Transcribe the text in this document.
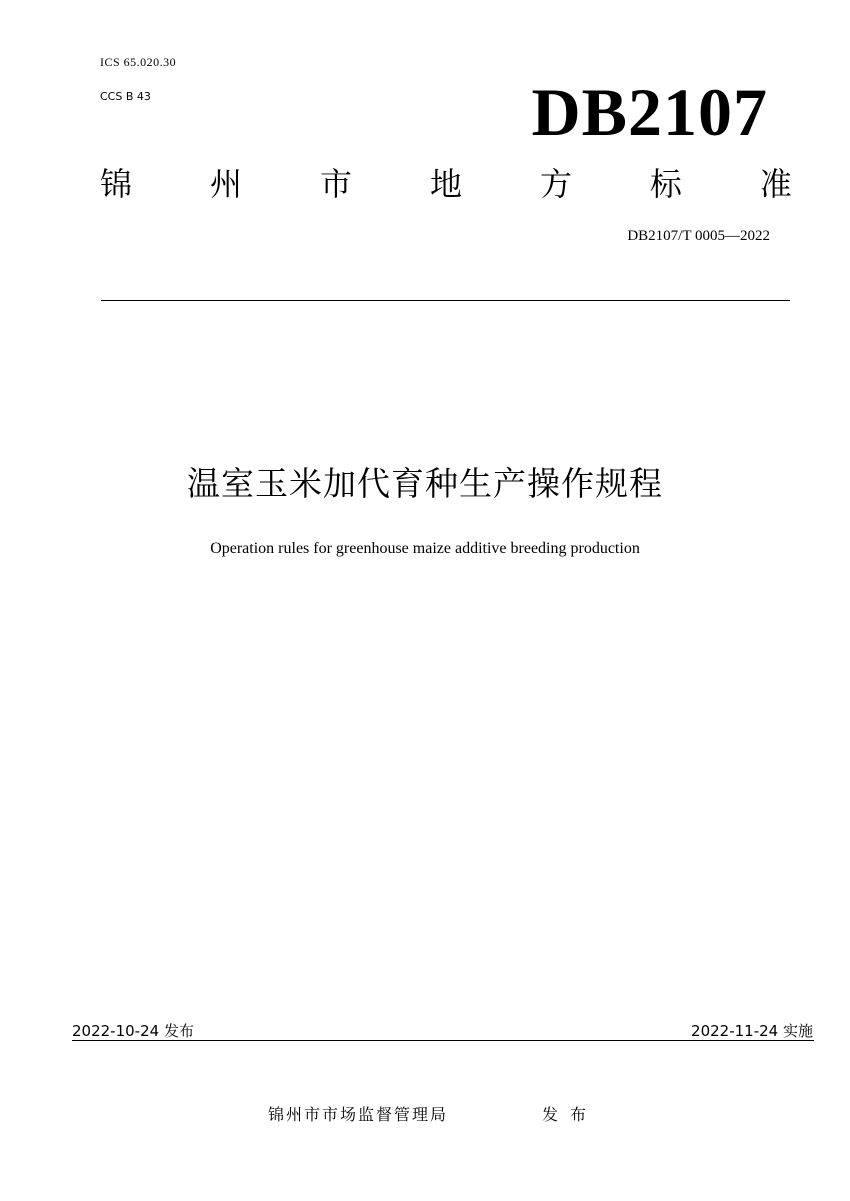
ICS 65.020.30
CCS B 43	DB2107
锦 州 市 地 方 标 准
DB2107/T 0005—2022
温室玉米加代育种生产操作规程
Operation rules for greenhouse maize additive breeding production
2022-10-24 发布	2022-11-24 实施
锦州市市场监督管理局	发布
